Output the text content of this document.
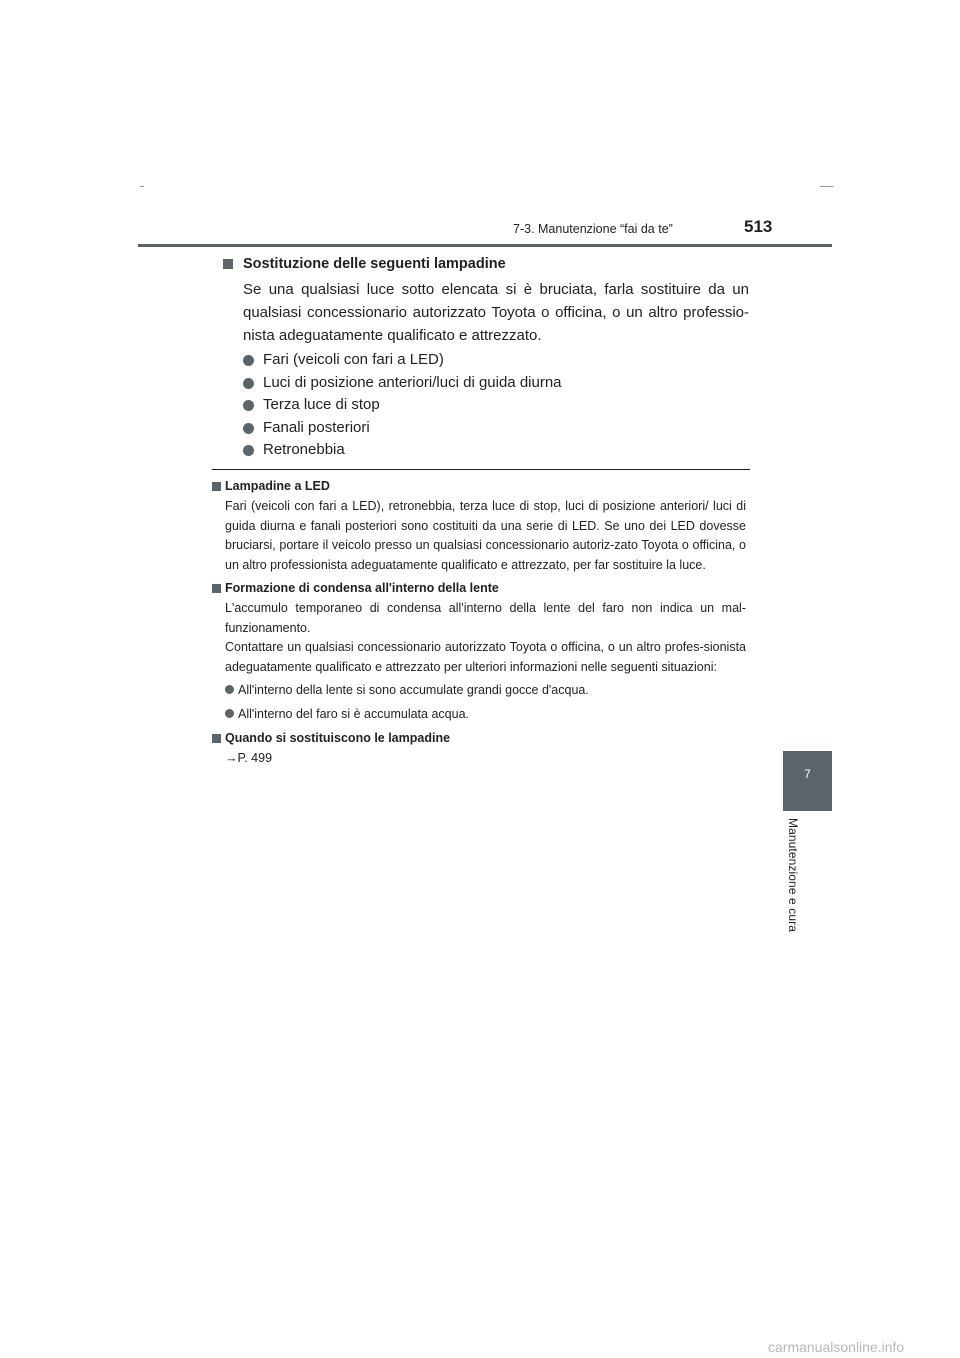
7-3. Manutenzione “fai da te”	513
7
Manutenzione e cura
Sostituzione delle seguenti lampadine

Se una qualsiasi luce sotto elencata si è bruciata, farla sostituire da un qualsiasi concessionario autorizzato Toyota o officina, o un altro professio-nista adeguatamente qualificato e attrezzato.

Fari (veicoli con fari a LED)
Luci di posizione anteriori/luci di guida diurna
Terza luce di stop
Fanali posteriori
Retronebbia
Lampadine a LED

Fari (veicoli con fari a LED), retronebbia, terza luce di stop, luci di posizione anteriori/ luci di guida diurna e fanali posteriori sono costituiti da una serie di LED. Se uno dei LED dovesse bruciarsi, portare il veicolo presso un qualsiasi concessionario autoriz-zato Toyota o officina, o un altro professionista adeguatamente qualificato e attrezzato, per far sostituire la luce.

Formazione di condensa all'interno della lente

L'accumulo temporaneo di condensa all'interno della lente del faro non indica un mal-funzionamento.

Contattare un qualsiasi concessionario autorizzato Toyota o officina, o un altro profes-sionista adeguatamente qualificato e attrezzato per ulteriori informazioni nelle seguenti situazioni:

All'interno della lente si sono accumulate grandi gocce d'acqua.
All'interno del faro si è accumulata acqua.
Quando si sostituiscono le lampadine

→P. 499

carmanualsonline.info
